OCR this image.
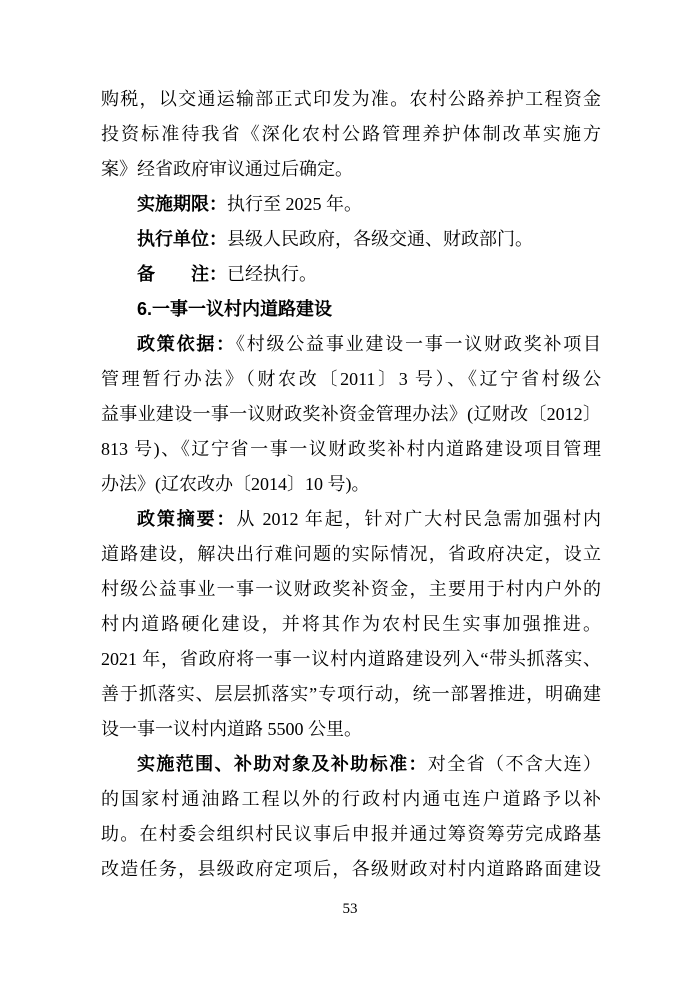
购税，以交通运输部正式印发为准。农村公路养护工程资金
投资标准待我省《深化农村公路管理养护体制改革实施方
案》经省政府审议通过后确定。
实施期限：执行至 2025 年。
执行单位：县级人民政府，各级交通、财政部门。
备　　注：已经执行。
6.一事一议村内道路建设
政策依据：《村级公益事业建设一事一议财政奖补项目
管理暂行办法》（财农改〔2011〕3 号）、《辽宁省村级公
益事业建设一事一议财政奖补资金管理办法》(辽财改〔2012〕
813 号)、《辽宁省一事一议财政奖补村内道路建设项目管理
办法》(辽农改办〔2014〕10 号)。
政策摘要：从 2012 年起，针对广大村民急需加强村内
道路建设，解决出行难问题的实际情况，省政府决定，设立
村级公益事业一事一议财政奖补资金，主要用于村内户外的
村内道路硬化建设，并将其作为农村民生实事加强推进。
2021 年，省政府将一事一议村内道路建设列入“带头抓落实、
善于抓落实、层层抓落实”专项行动，统一部署推进，明确建
设一事一议村内道路 5500 公里。
实施范围、补助对象及补助标准：对全省（不含大连）
的国家村通油路工程以外的行政村内通屯连户道路予以补
助。在村委会组织村民议事后申报并通过筹资筹劳完成路基
改造任务，县级政府定项后，各级财政对村内道路路面建设
53
